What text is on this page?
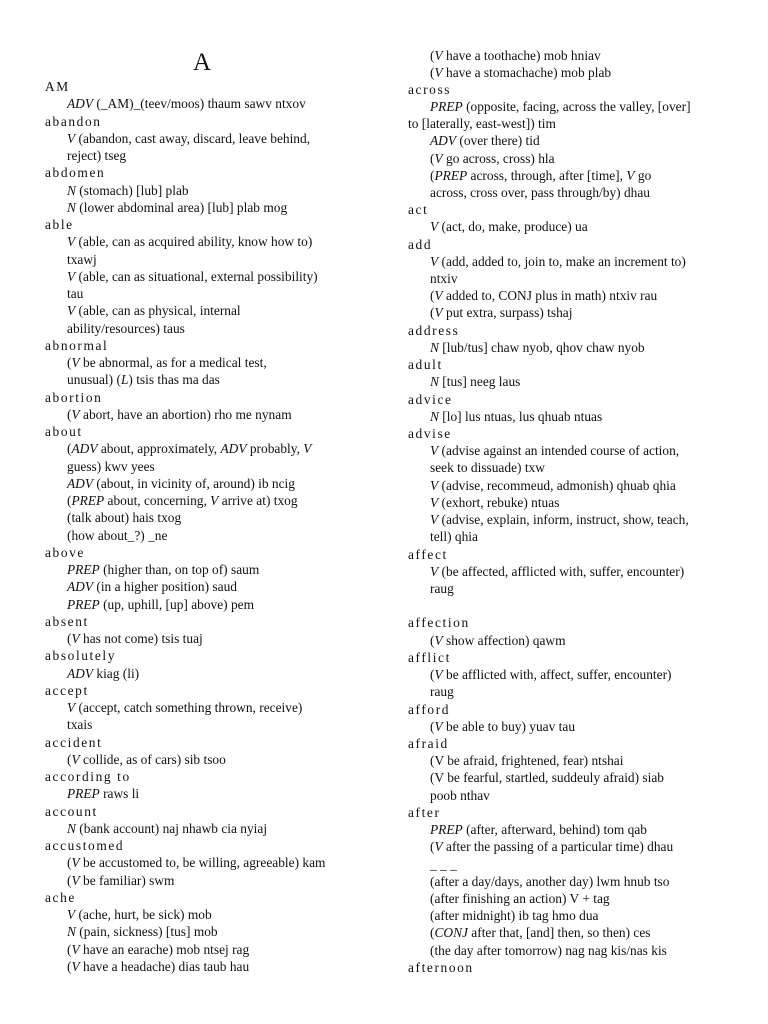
A
AM
ADV (_AM)_(teev/moos) thaum sawv ntxov
abandon
V (abandon, cast away, discard, leave behind,
reject) tseg
abdomen
N (stomach) [lub] plab
N (lower abdominal area) [lub] plab mog
able
V (able, can as acquired ability, know how to)
txawj
V (able, can as situational, external possibility)
tau
V (able, can as physical, internal
ability/resources) taus
abnormal
(V be abnormal, as for a medical test,
unusual) (L) tsis thas ma das
abortion
(V abort, have an abortion) rho me nynam
about
(ADV about, approximately, ADV probably, V
guess) kwv yees
ADV (about, in vicinity of, around) ib ncig
(PREP about, concerning, V arrive at) txog
(talk about) hais txog
(how about_?) _ne
above
PREP (higher than, on top of) saum
ADV (in a higher position) saud
PREP (up, uphill, [up] above) pem
absent
(V has not come) tsis tuaj
absolutely
ADV kiag (li)
accept
V (accept, catch something thrown, receive)
txais
accident
(V collide, as of cars) sib tsoo
according to
PREP raws li
account
N (bank account) naj nhawb cia nyiaj
accustomed
(V be accustomed to, be willing, agreeable) kam
(V be familiar) swm
ache
V (ache, hurt, be sick) mob
N (pain, sickness) [tus] mob
(V have an earache) mob ntsej rag
(V have a headache) dias taub hau
(V have a toothache) mob hniav
(V have a stomachache) mob plab
across
PREP (opposite, facing, across the valley, [over]
to [laterally, east-west]) tim
ADV (over there) tid
(V go across, cross) hla
(PREP across, through, after [time], V go
across, cross over, pass through/by) dhau
act
V (act, do, make, produce) ua
add
V (add, added to, join to, make an increment to)
ntxiv
(V added to, CONJ plus in math) ntxiv rau
(V put extra, surpass) tshaj
address
N [lub/tus] chaw nyob, qhov chaw nyob
adult
N [tus] neeg laus
advice
N [lo] lus ntuas, lus qhuab ntuas
advise
V (advise against an intended course of action,
seek to dissuade) txw
V (advise, recommeud, admonish) qhuab qhia
V (exhort, rebuke) ntuas
V (advise, explain, inform, instruct, show, teach,
tell) qhia
affect
V (be affected, afflicted with, suffer, encounter)
raug
affection
(V show affection) qawm
afflict
(V be afflicted with, affect, suffer, encounter)
raug
afford
(V be able to buy) yuav tau
afraid
(V be afraid, frightened, fear) ntshai
(V be fearful, startled, suddeuly afraid) siab
poob nthav
after
PREP (after, afterward, behind) tom qab
(V after the passing of a particular time) dhau
_ _ _
(after a day/days, another day) lwm hnub tso
(after finishing an action) V + tag
(after midnight) ib tag hmo dua
(CONJ after that, [and] then, so then) ces
(the day after tomorrow) nag nag kis/nas kis
afternoon
